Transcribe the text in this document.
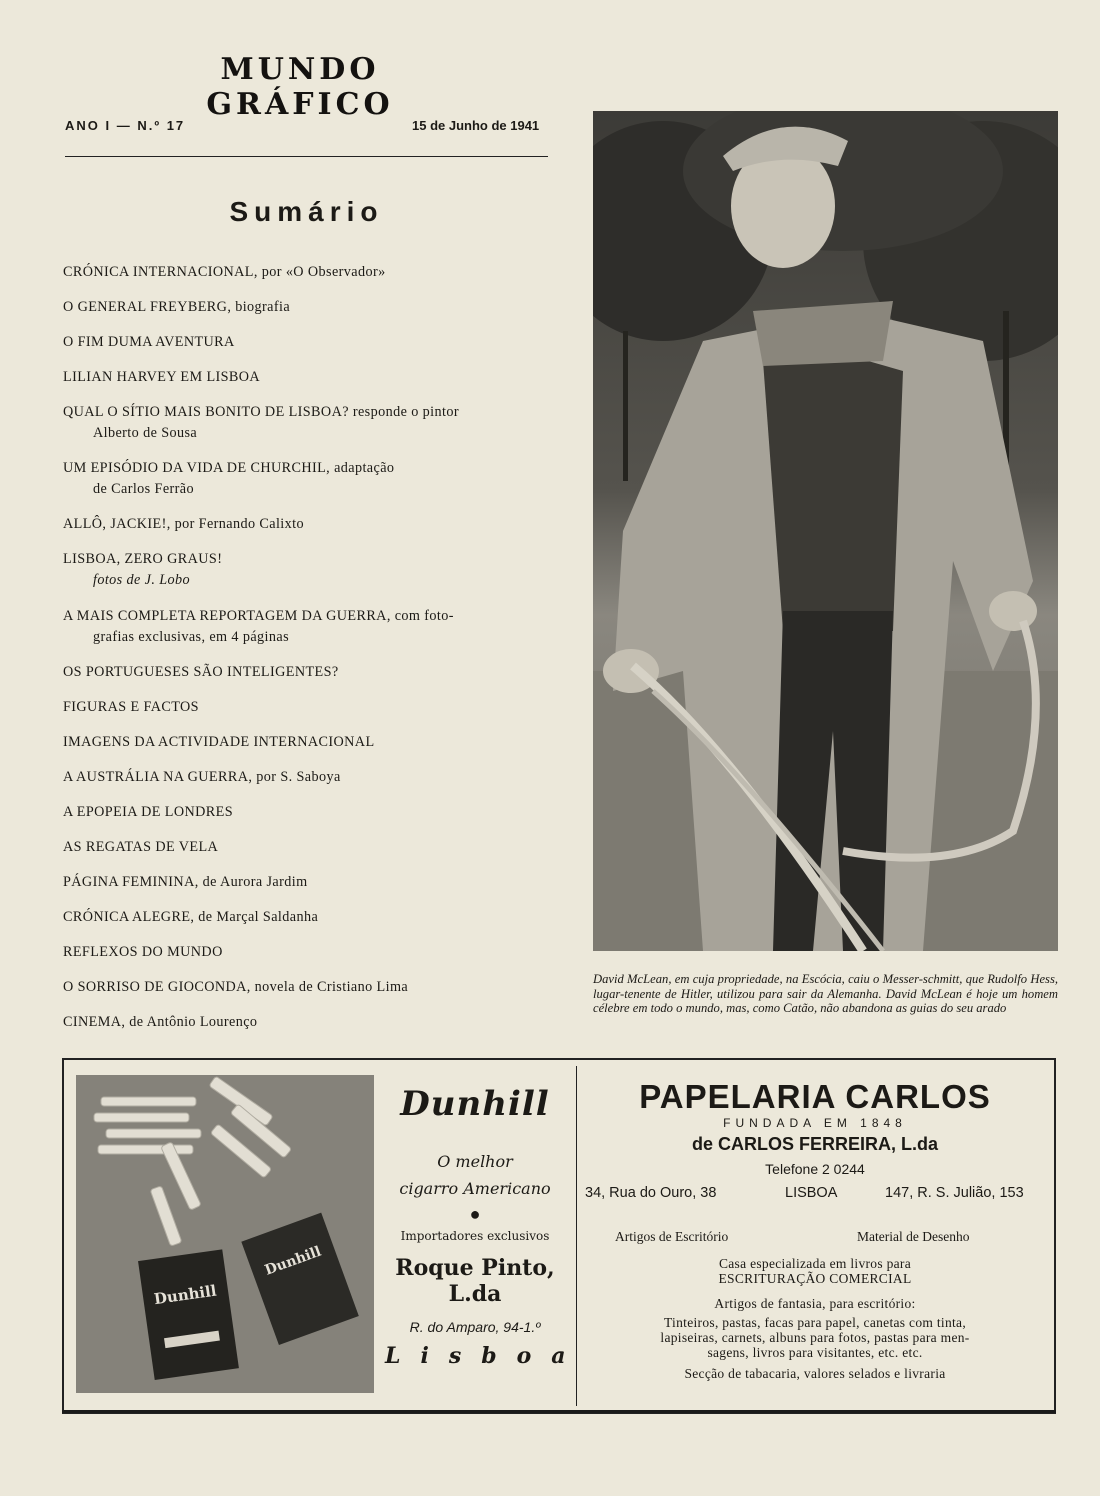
MUNDO GRÁFICO
ANO I — N.º 17	15 de Junho de 1941
Sumário
CRÓNICA INTERNACIONAL, por «O Observador»
O GENERAL FREYBERG, biografia
O FIM DUMA AVENTURA
LILIAN HARVEY EM LISBOA
QUAL O SÍTIO MAIS BONITO DE LISBOA? responde o pintor
Alberto de Sousa
UM EPISÓDIO DA VIDA DE CHURCHIL, adaptação
de Carlos Ferrão
ALLÔ, JACKIE!, por Fernando Calixto
LISBOA, ZERO GRAUS!
fotos de J. Lobo
A MAIS COMPLETA REPORTAGEM DA GUERRA, com foto-
grafias exclusivas, em 4 páginas
OS PORTUGUESES SÃO INTELIGENTES?
FIGURAS E FACTOS
IMAGENS DA ACTIVIDADE INTERNACIONAL
A AUSTRÁLIA NA GUERRA, por S. Saboya
A EPOPEIA DE LONDRES
AS REGATAS DE VELA
PÁGINA FEMININA, de Aurora Jardim
CRÓNICA ALEGRE, de Marçal Saldanha
REFLEXOS DO MUNDO
O SORRISO DE GIOCONDA, novela de Cristiano Lima
CINEMA, de Antônio Lourenço
David McLean, em cuja propriedade, na Escócia, caiu o Messer-schmitt, que Rudolfo Hess, lugar-tenente de Hitler, utilizou para sair da Alemanha. David McLean é hoje um homem célebre em todo o mundo, mas, como Catão, não abandona as guias do seu arado
Dunhill
Dunhill
Dunhill
O melhor
cigarro Americano
●
Importadores exclusivos
Roque Pinto, L.da
R. do Amparo, 94-1.º
Lisboa
PAPELARIA CARLOS
FUNDADA EM 1848
de CARLOS FERREIRA, L.da
Telefone 2 0244
34, Rua do Ouro, 38	LISBOA	147, R. S. Julião, 153
Artigos de Escritório	Material de Desenho
Casa especializada em livros para
ESCRITURAÇÃO COMERCIAL
Artigos de fantasia, para escritório:
Tinteiros, pastas, facas para papel, canetas com tinta,
lapiseiras, carnets, albuns para fotos, pastas para men-
sagens, livros para visitantes, etc. etc.
Secção de tabacaria, valores selados e livraria
